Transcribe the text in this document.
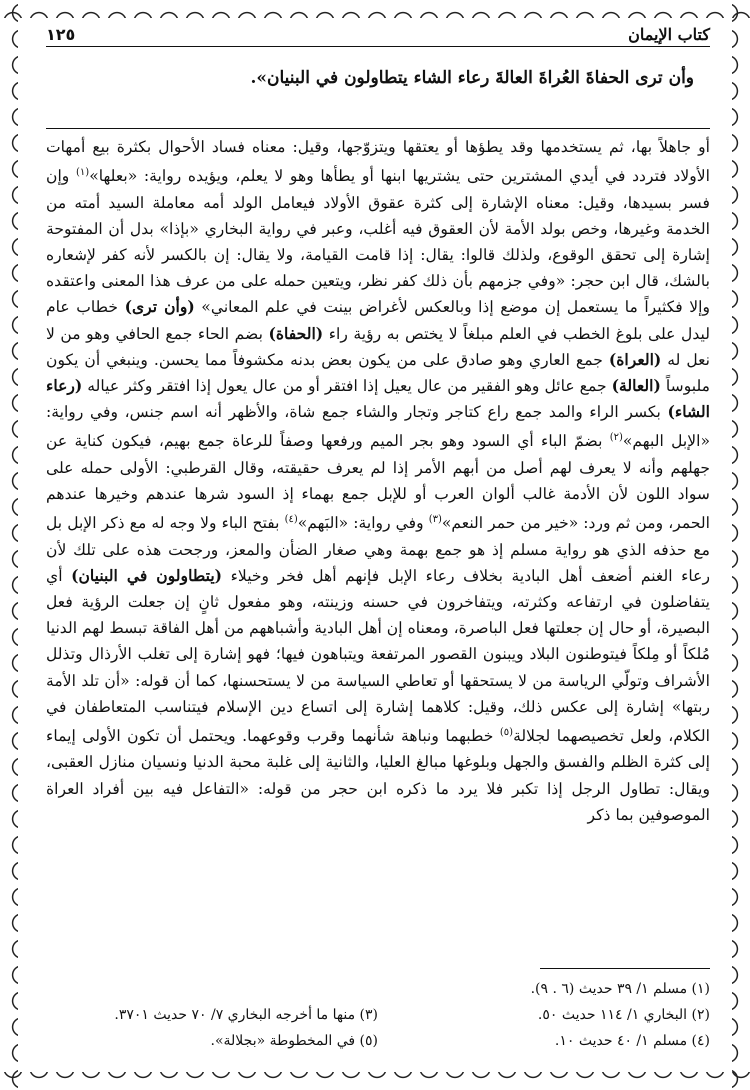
كتاب الإيمان
١٢٥
وأن ترى الحفاةَ العُراةَ العالةَ رعاء الشاء يتطاولون في البنيان».

أو جاهلاً بها، ثم يستخدمها وقد يطؤها أو يعتقها ويتزوّجها، وقيل: معناه فساد الأحوال بكثرة بيع أمهات الأولاد فتردد في أيدي المشترين حتى يشتريها ابنها أو يطأها وهو لا يعلم، ويؤيده رواية: «بعلها»$^{(١)}$ وإن فسر بسيدها، وقيل: معناه الإشارة إلى كثرة عقوق الأولاد فيعامل الولد أمه معاملة السيد أمته من الخدمة وغيرها، وخص بولد الأمة لأن العقوق فيه أغلب، وعبر في رواية البخاري «بإذا» بدل أن المفتوحة إشارة إلى تحقق الوقوع، ولذلك قالوا: يقال: إذا قامت القيامة، ولا يقال: إن بالكسر لأنه كفر لإشعاره بالشك، قال ابن حجر: «وفي جزمهم بأن ذلك كفر نظر، ويتعين حمله على من عرف هذا المعنى واعتقده وإلا فكثيراً ما يستعمل إن موضع إذا وبالعكس لأغراض بينت في علم المعاني» (وأن ترى) خطاب عام ليدل على بلوغ الخطب في العلم مبلغاً لا يختص به رؤية راء (الحفاة) بضم الحاء جمع الحافي وهو من لا نعل له (العراة) جمع العاري وهو صادق على من يكون بعض بدنه مكشوفاً مما يحسن. وينبغي أن يكون ملبوساً (العالة) جمع عائل وهو الفقير من عال يعيل إذا افتقر أو من عال يعول إذا افتقر وكثر عياله (رعاء الشاء) بكسر الراء والمد جمع راع كتاجر وتجار والشاء جمع شاة، والأظهر أنه اسم جنس، وفي رواية: «الإبل البهم»$^{(٢)}$ بضمّ الباء أي السود وهو بجر الميم ورفعها وصفاً للرعاة جمع بهيم، فيكون كناية عن جهلهم وأنه لا يعرف لهم أصل من أبهم الأمر إذا لم يعرف حقيقته، وقال القرطبي: الأولى حمله على سواد اللون لأن الأدمة غالب ألوان العرب أو للإبل جمع بهماء إذ السود شرها عندهم وخيرها عندهم الحمر، ومن ثم ورد: «خير من حمر النعم»$^{(٣)}$ وفي رواية: «البَهم»$^{(٤)}$ بفتح الباء ولا وجه له مع ذكر الإبل بل مع حذفه الذي هو رواية مسلم إذ هو جمع بهمة وهي صغار الضأن والمعز، ورجحت هذه على تلك لأن رعاء الغنم أضعف أهل البادية بخلاف رعاء الإبل فإنهم أهل فخر وخيلاء (يتطاولون في البنيان) أي يتفاضلون في ارتفاعه وكثرته، ويتفاخرون في حسنه وزينته، وهو مفعول ثانٍ إن جعلت الرؤية فعل البصيرة، أو حال إن جعلتها فعل الباصرة، ومعناه إن أهل البادية وأشباههم من أهل الفاقة تبسط لهم الدنيا مُلكاً أو مِلكاً فيتوطنون البلاد ويبنون القصور المرتفعة ويتباهون فيها؛ فهو إشارة إلى تغلب الأرذال وتذلل الأشراف وتولّي الرياسة من لا يستحقها أو تعاطي السياسة من لا يستحسنها، كما أن قوله: «أن تلد الأمة ربتها» إشارة إلى عكس ذلك، وقيل: كلاهما إشارة إلى اتساع دين الإسلام فيتناسب المتعاطفان في الكلام، ولعل تخصيصهما لجلالة$^{(٥)}$ خطبهما ونباهة شأنهما وقرب وقوعهما. ويحتمل أن تكون الأولى إيماء إلى كثرة الظلم والفسق والجهل وبلوغها مبالغ العليا، والثانية إلى غلبة محبة الدنيا ونسيان منازل العقبى، ويقال: تطاول الرجل إذا تكبر فلا يرد ما ذكره ابن حجر من قوله: «التفاعل فيه بين أفراد العراة الموصوفين بما ذكر

(١) مسلم ١/ ٣٩ حديث (٦ . ٩).
(٢) البخاري ١/ ١١٤ حديث ٥٠.
(٣) منها ما أخرجه البخاري ٧/ ٧٠ حديث ٣٧٠١.
(٤) مسلم ١/ ٤٠ حديث ١٠.
(٥) في المخطوطة «بجلالة».
